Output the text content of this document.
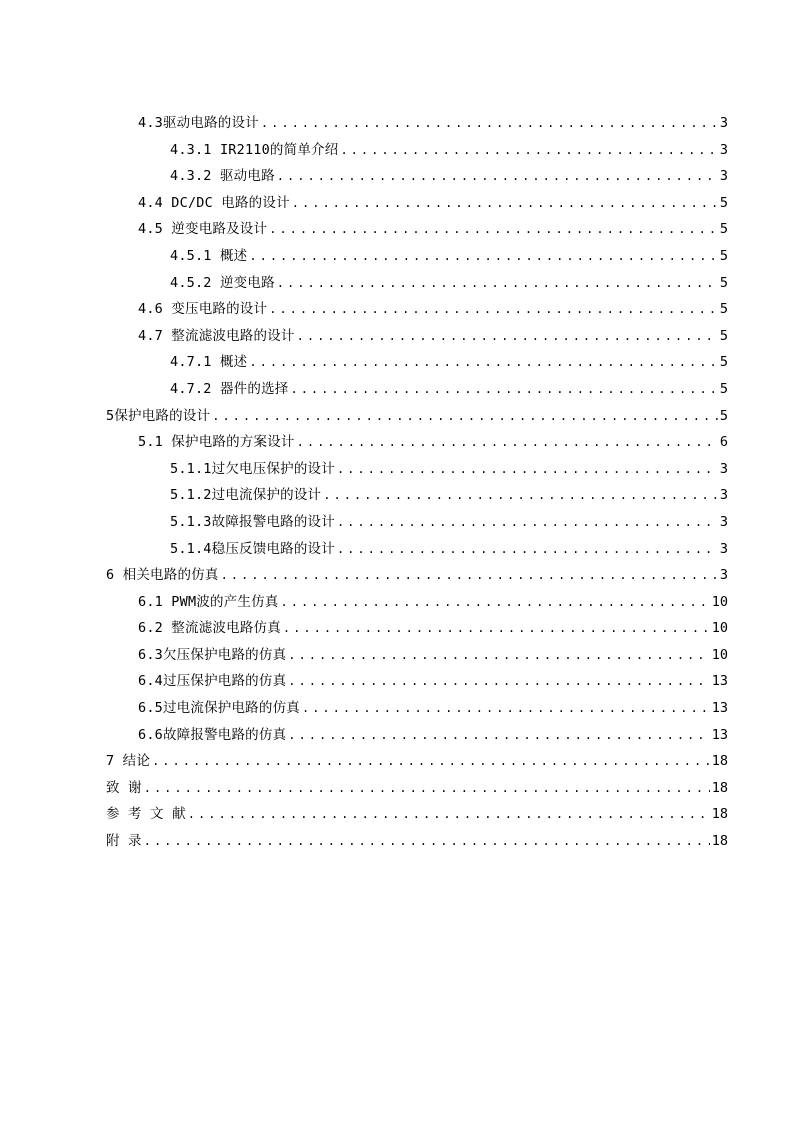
4.3驱动电路的设计 .....	3
4.3.1 IR2110的简单介绍 .....	3
4.3.2 驱动电路 .....	3
4.4 DC/DC 电路的设计 .....	5
4.5 逆变电路及设计 .....	5
4.5.1 概述 .....	5
4.5.2 逆变电路 .....	5
4.6 变压电路的设计 .....	5
4.7 整流滤波电路的设计 .....	5
4.7.1 概述 .....	5
4.7.2 器件的选择 .....	5
5保护电路的设计 .....	5
5.1 保护电路的方案设计 .....	6
5.1.1过欠电压保护的设计 .....	3
5.1.2过电流保护的设计 .....	3
5.1.3故障报警电路的设计 .....	3
5.1.4稳压反馈电路的设计 .....	3
6 相关电路的仿真 .....	3
6.1 PWM波的产生仿真 .....	10
6.2 整流滤波电路仿真 .....	10
6.3欠压保护电路的仿真 .....	10
6.4过压保护电路的仿真 .....	13
6.5过电流保护电路的仿真 .....	13
6.6故障报警电路的仿真 .....	13
7 结论 .....	18
致 谢 .....	18
参 考 文 献 .....	18
附 录 .....	18
